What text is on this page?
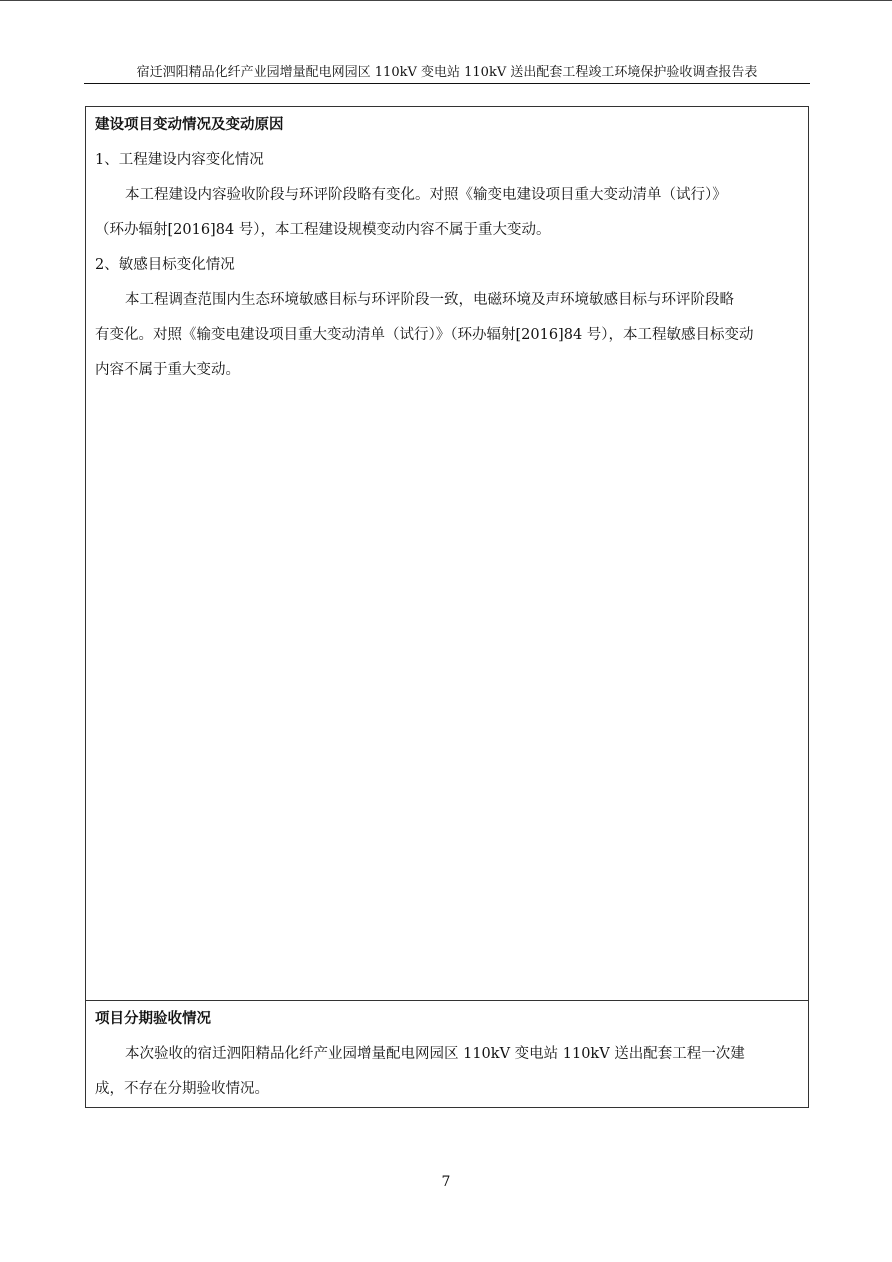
宿迁泗阳精品化纤产业园增量配电网园区 110kV 变电站 110kV 送出配套工程竣工环境保护验收调查报告表
建设项目变动情况及变动原因
1、工程建设内容变化情况
本工程建设内容验收阶段与环评阶段略有变化。对照《输变电建设项目重大变动清单（试行）》
（环办辐射[2016]84 号），本工程建设规模变动内容不属于重大变动。
2、敏感目标变化情况
本工程调查范围内生态环境敏感目标与环评阶段一致，电磁环境及声环境敏感目标与环评阶段略
有变化。对照《输变电建设项目重大变动清单（试行）》（环办辐射[2016]84 号），本工程敏感目标变动
内容不属于重大变动。
项目分期验收情况
本次验收的宿迁泗阳精品化纤产业园增量配电网园区 110kV 变电站 110kV 送出配套工程一次建
成，不存在分期验收情况。
7
